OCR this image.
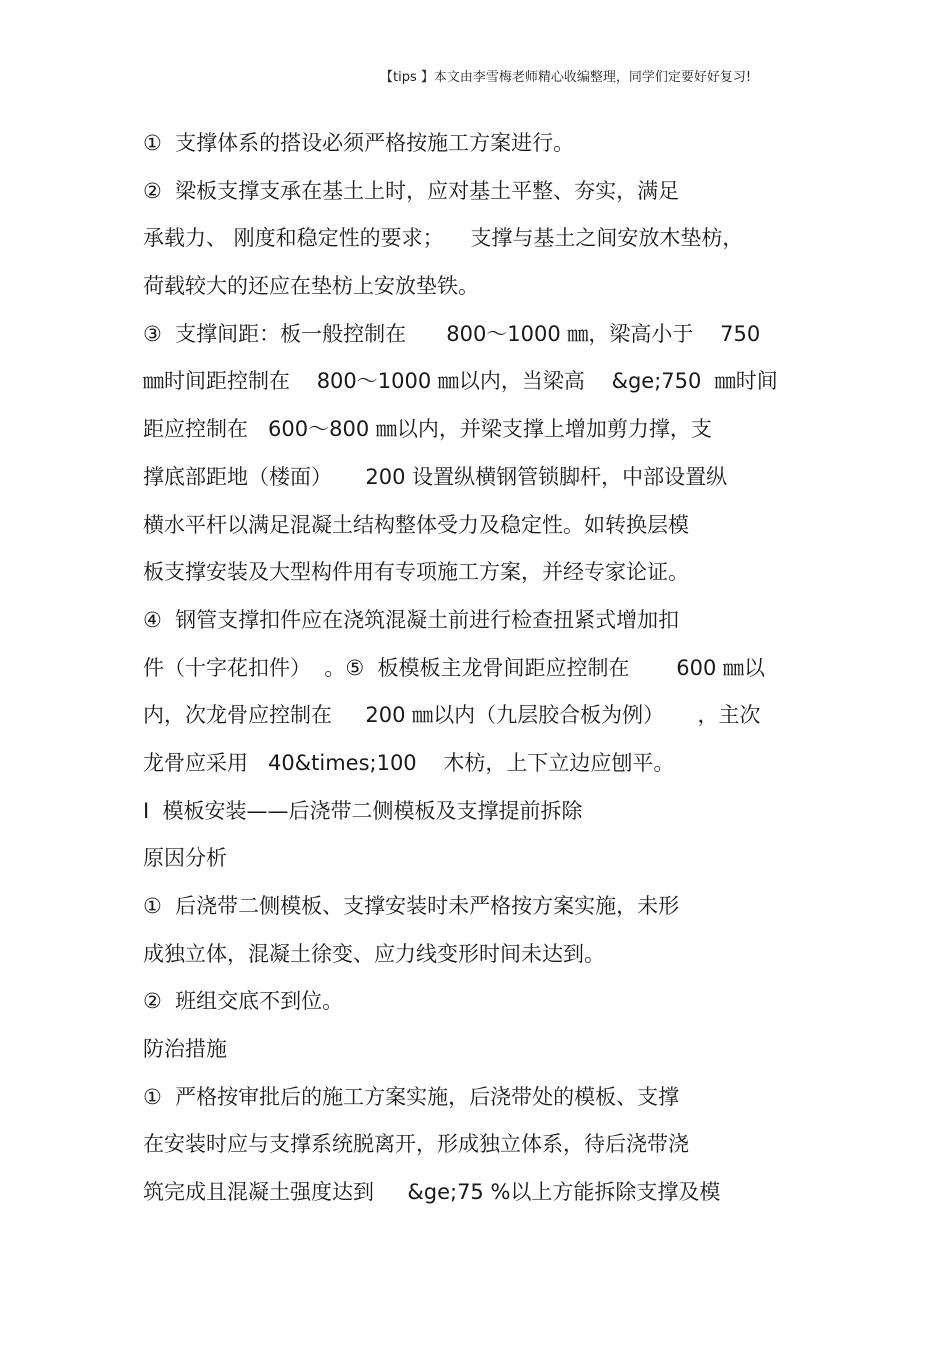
【tips 】本文由李雪梅老师精心收编整理，同学们定要好好复习!
①  支撑体系的搭设必须严格按施工方案进行。
②  梁板支撑支承在基土上时，应对基土平整、夯实，满足
承载力、 刚度和稳定性的要求；    支撑与基土之间安放木垫枋，
荷载较大的还应在垫枋上安放垫铁。
③  支撑间距：板一般控制在      800～1000 ㎜，梁高小于    750
㎜时间距控制在    800～1000 ㎜以内，当梁高    &ge;750  ㎜时间
距应控制在   600～800 ㎜以内，并梁支撑上增加剪力撑，支
撑底部距地（楼面）     200 设置纵横钢管锁脚杆，中部设置纵
横水平杆以满足混凝土结构整体受力及稳定性。如转换层模
板支撑安装及大型构件用有专项施工方案，并经专家论证。
④  钢管支撑扣件应在浇筑混凝土前进行检查扭紧式增加扣
件（十字花扣件）  。⑤  板模板主龙骨间距应控制在       600 ㎜以
内，次龙骨应控制在     200 ㎜以内（九层胶合板为例）     ，主次
龙骨应采用   40&times;100    木枋，上下立边应刨平。
Ⅰ  模板安装——后浇带二侧模板及支撑提前拆除
原因分析
①  后浇带二侧模板、支撑安装时未严格按方案实施，未形
成独立体，混凝土徐变、应力线变形时间未达到。
②  班组交底不到位。
防治措施
①  严格按审批后的施工方案实施，后浇带处的模板、支撑
在安装时应与支撑系统脱离开，形成独立体系，待后浇带浇
筑完成且混凝土强度达到     &ge;75 %以上方能拆除支撑及模
